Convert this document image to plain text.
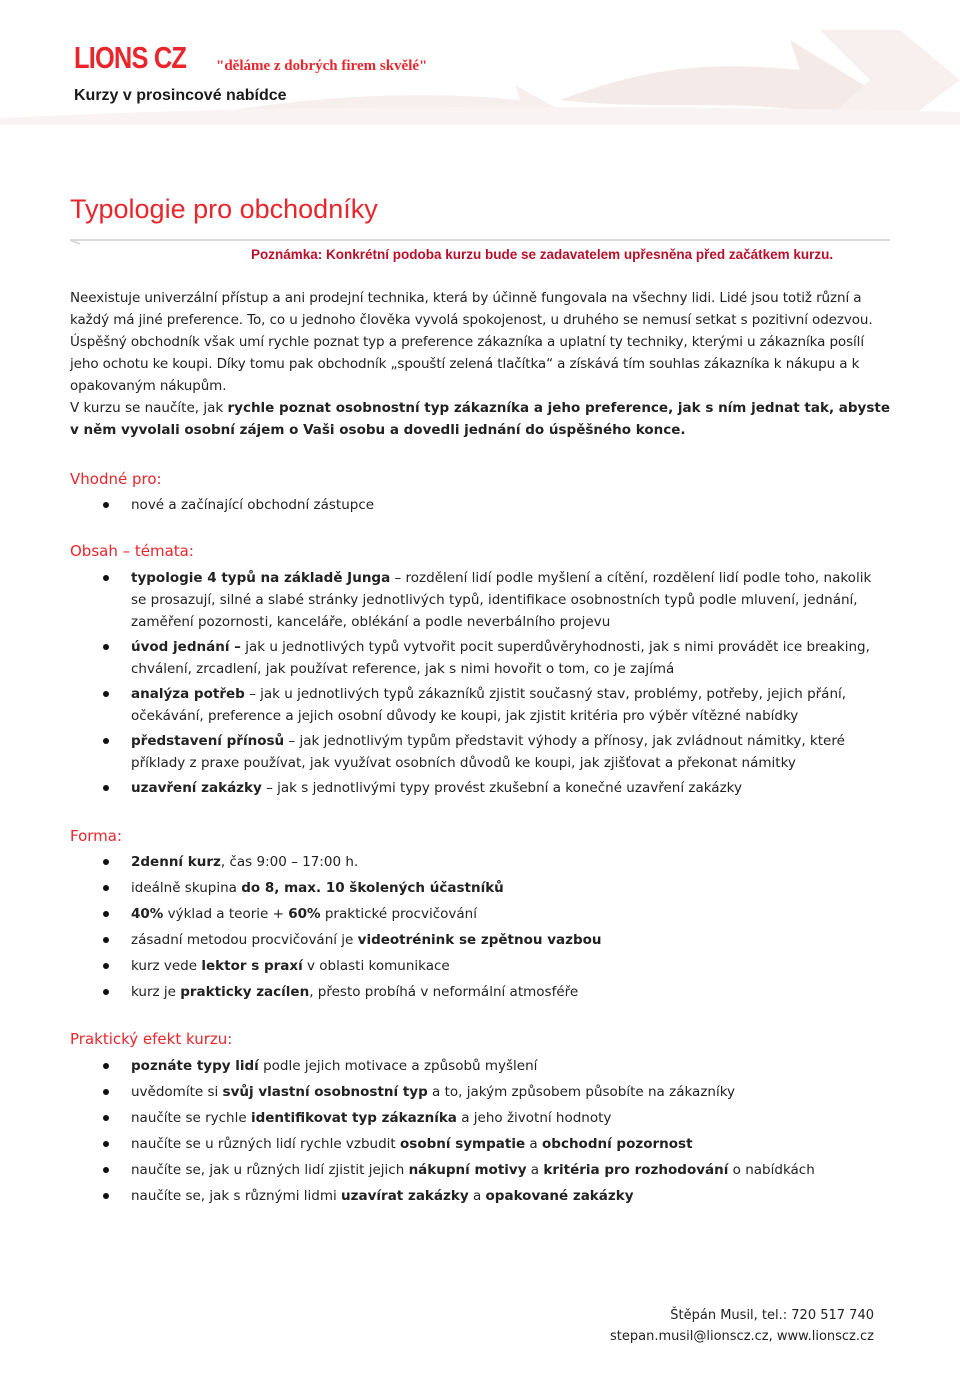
LIONS CZ "děláme z dobrých firem skvělé"
Kurzy v prosincové nabídce
Typologie pro obchodníky
Poznámka: Konkrétní podoba kurzu bude se zadavatelem upřesněna před začátkem kurzu.

Neexistuje univerzální přístup a ani prodejní technika, která by účinně fungovala na všechny lidi. Lidé jsou totiž různí a každý má jiné preference. To, co u jednoho člověka vyvolá spokojenost, u druhého se nemusí setkat s pozitivní odezvou. Úspěšný obchodník však umí rychle poznat typ a preference zákazníka a uplatní ty techniky, kterými u zákazníka posílí jeho ochotu ke koupi. Díky tomu pak obchodník „spouští zelená tlačítka“ a získává tím souhlas zákazníka k nákupu a k opakovaným nákupům.

V kurzu se naučíte, jak rychle poznat osobnostní typ zákazníka a jeho preference, jak s ním jednat tak, abyste v něm vyvolali osobní zájem o Vaši osobu a dovedli jednání do úspěšného konce.

Vhodné pro:
nové a začínající obchodní zástupce
Obsah – témata:
typologie 4 typů na základě Junga – rozdělení lidí podle myšlení a cítění, rozdělení lidí podle toho, nakolik se prosazují, silné a slabé stránky jednotlivých typů, identifikace osobnostních typů podle mluvení, jednání, zaměření pozornosti, kanceláře, oblékání a podle neverbálního projevu
úvod jednání – jak u jednotlivých typů vytvořit pocit superdůvěryhodnosti, jak s nimi provádět ice breaking, chválení, zrcadlení, jak používat reference, jak s nimi hovořit o tom, co je zajímá
analýza potřeb – jak u jednotlivých typů zákazníků zjistit současný stav, problémy, potřeby, jejich přání, očekávání, preference a jejich osobní důvody ke koupi, jak zjistit kritéria pro výběr vítězné nabídky
představení přínosů – jak jednotlivým typům představit výhody a přínosy, jak zvládnout námitky, které příklady z praxe používat, jak využívat osobních důvodů ke koupi, jak zjišťovat a překonat námitky
uzavření zakázky – jak s jednotlivými typy provést zkušební a konečné uzavření zakázky
Forma:
2denní kurz, čas 9:00 – 17:00 h.
ideálně skupina do 8, max. 10 školených účastníků
40% výklad a teorie + 60% praktické procvičování
zásadní metodou procvičování je videotrénink se zpětnou vazbou
kurz vede lektor s praxí v oblasti komunikace
kurz je prakticky zacílen, přesto probíhá v neformální atmosféře
Praktický efekt kurzu:
poznáte typy lidí podle jejich motivace a způsobů myšlení
uvědomíte si svůj vlastní osobnostní typ a to, jakým způsobem působíte na zákazníky
naučíte se rychle identifikovat typ zákazníka a jeho životní hodnoty
naučíte se u různých lidí rychle vzbudit osobní sympatie a obchodní pozornost
naučíte se, jak u různých lidí zjistit jejich nákupní motivy a kritéria pro rozhodování o nabídkách
naučíte se, jak s různými lidmi uzavírat zakázky a opakované zakázky
Štěpán Musil, tel.: 720 517 740
stepan.musil@lionscz.cz, www.lionscz.cz
